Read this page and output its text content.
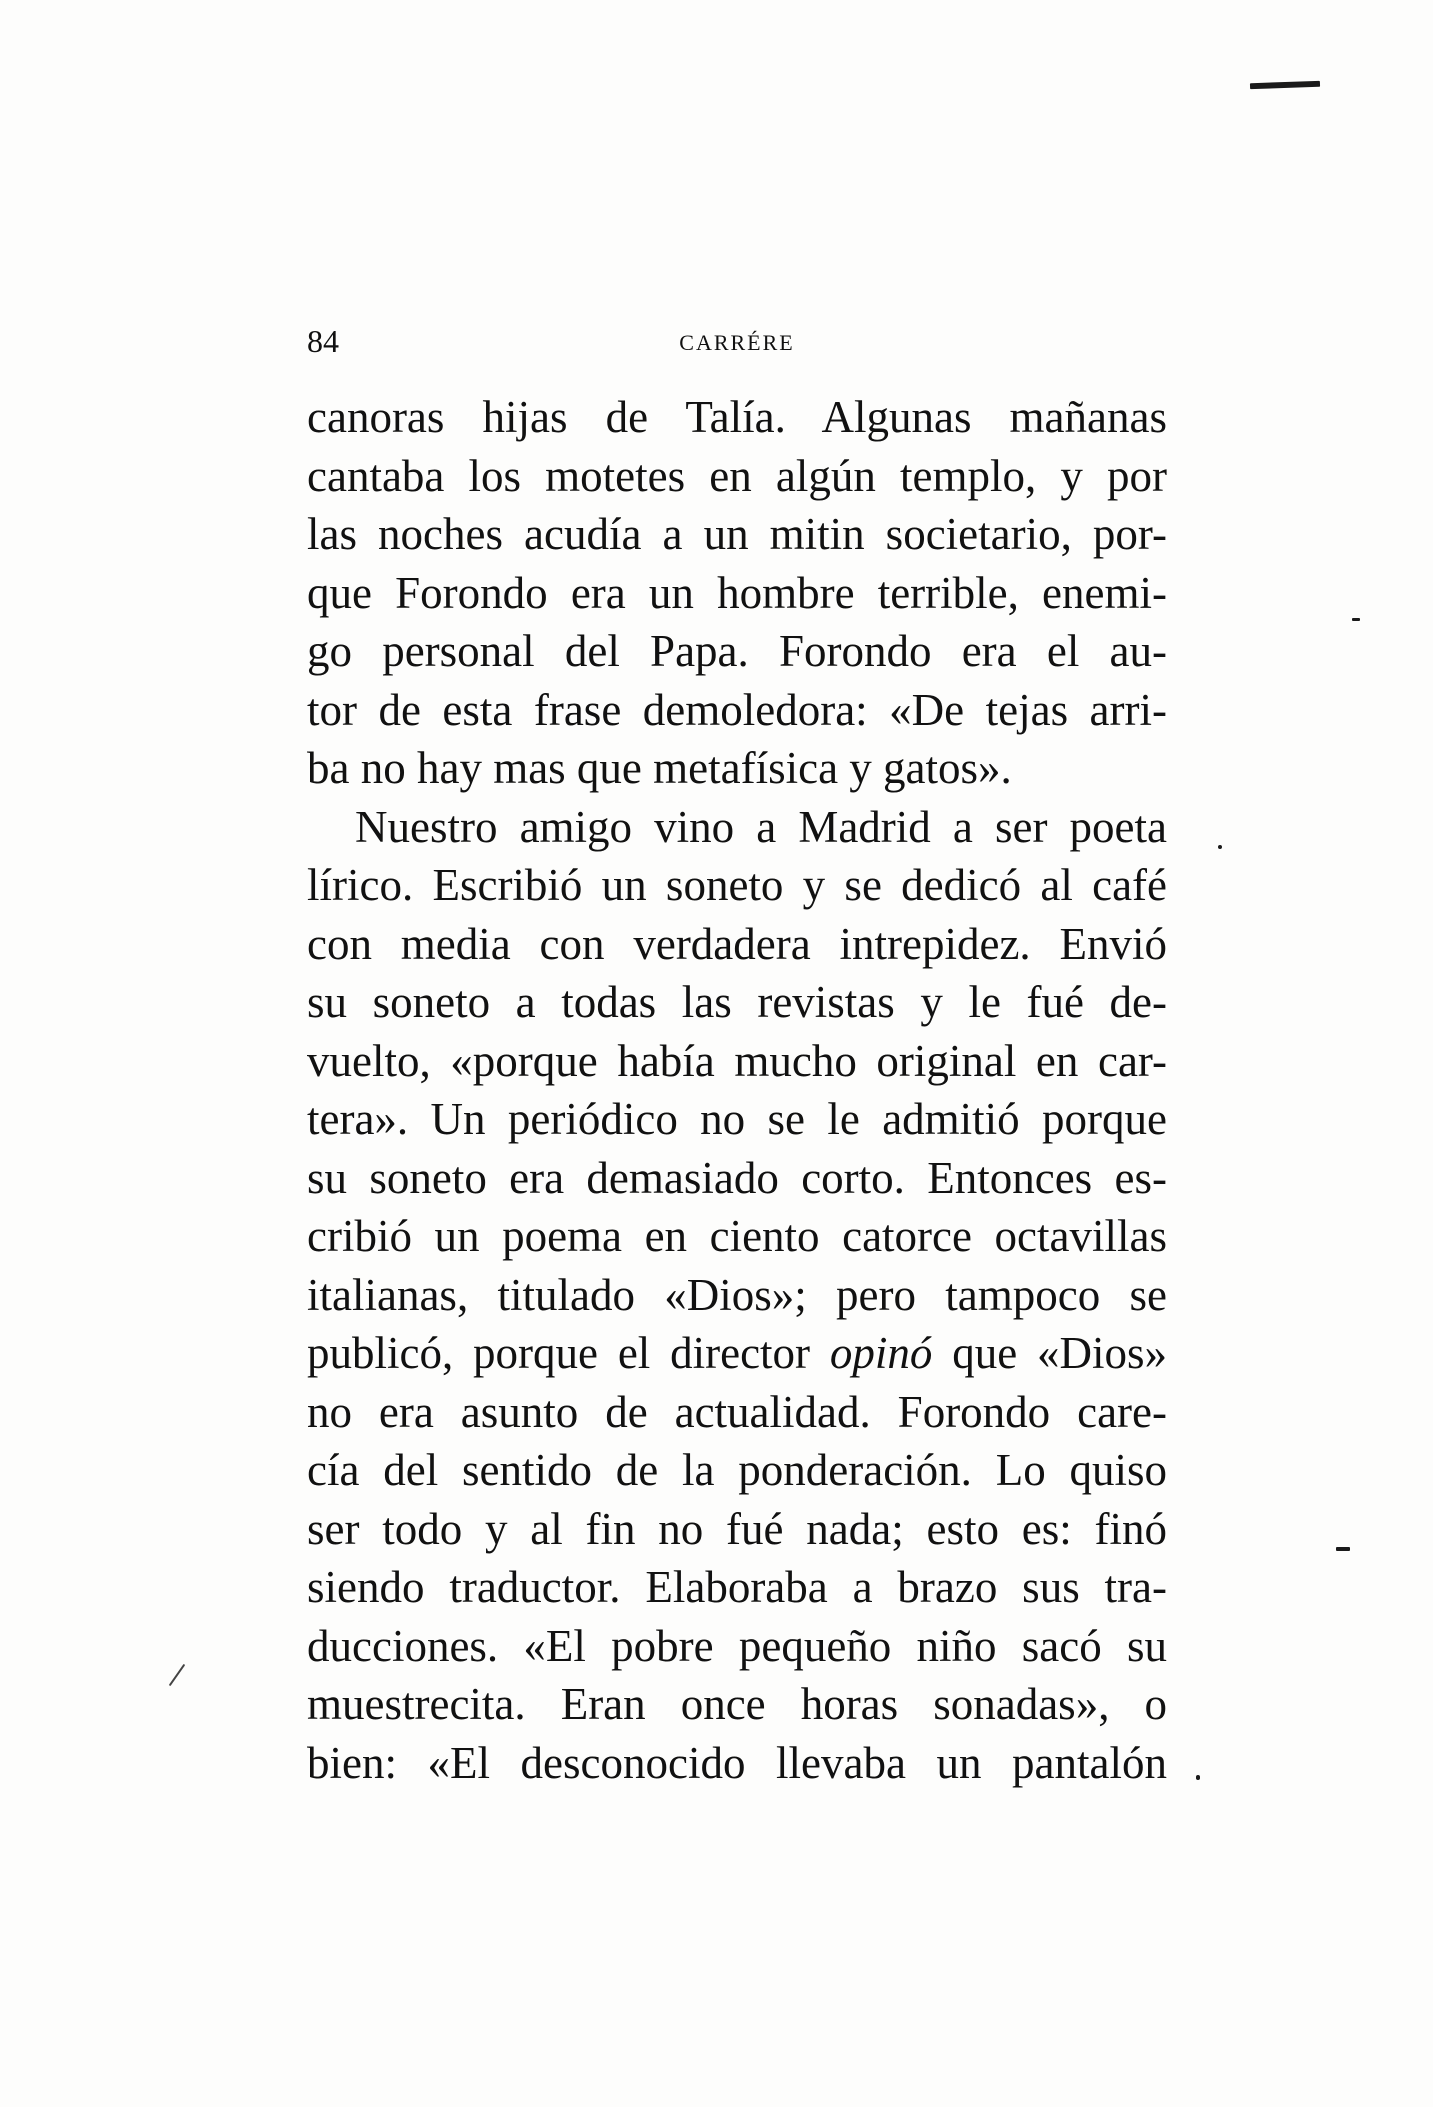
84	CARRÉRE
canoras hijas de Talía. Algunas mañanas
cantaba los motetes en algún templo, y por
las noches acudía a un mitin societario, por-
que Forondo era un hombre terrible, enemi-
go personal del Papa. Forondo era el au-
tor de esta frase demoledora: «De tejas arri-
ba no hay mas que metafísica y gatos».
Nuestro amigo vino a Madrid a ser poeta
lírico. Escribió un soneto y se dedicó al café
con media con verdadera intrepidez. Envió
su soneto a todas las revistas y le fué de-
vuelto, «porque había mucho original en car-
tera». Un periódico no se le admitió porque
su soneto era demasiado corto. Entonces es-
cribió un poema en ciento catorce octavillas
italianas, titulado «Dios»; pero tampoco se
publicó, porque el director opinó que «Dios»
no era asunto de actualidad. Forondo care-
cía del sentido de la ponderación. Lo quiso
ser todo y al fin no fué nada; esto es: finó
siendo traductor. Elaboraba a brazo sus tra-
ducciones. «El pobre pequeño niño sacó su
muestrecita. Eran once horas sonadas», o
bien: «El desconocido llevaba un pantalón
